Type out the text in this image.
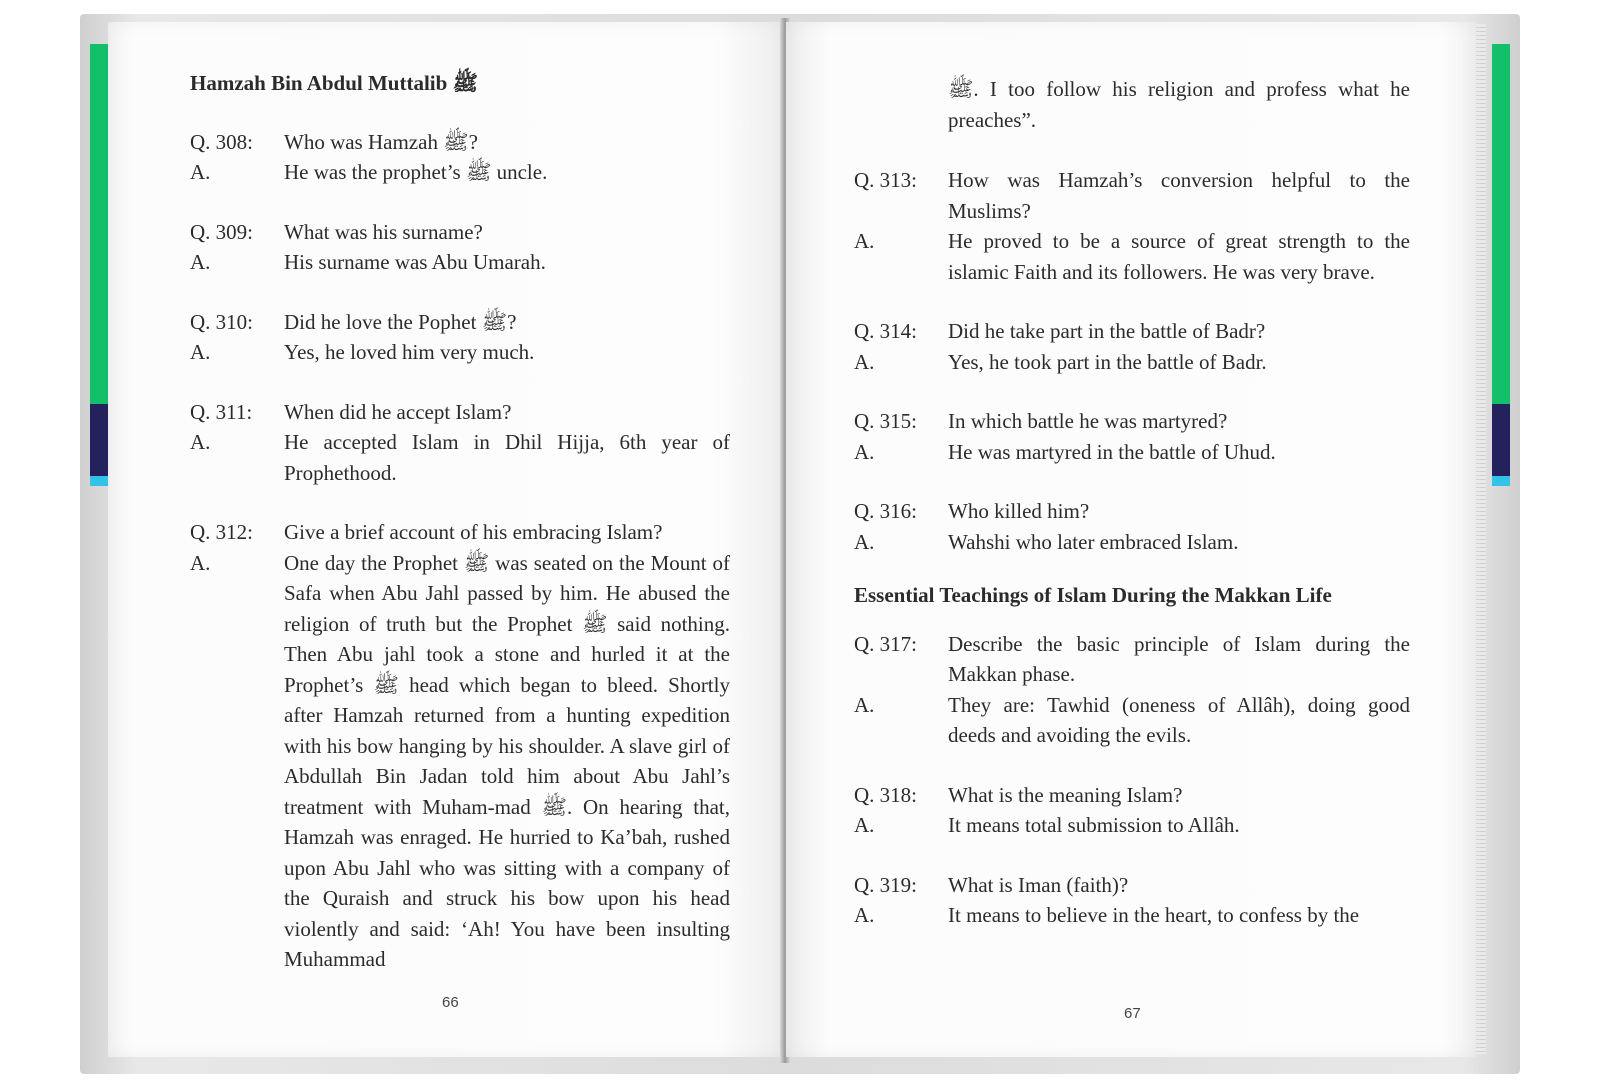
Hamzah Bin Abdul Muttalib ﷺ
Q. 308:	Who was Hamzah ﷺ?
A.	He was the prophet’s ﷺ uncle.
Q. 309:	What was his surname?
A.	His surname was Abu Umarah.
Q. 310:	Did he love the Pophet ﷺ?
A.	Yes, he loved him very much.
Q. 311:	When did he accept Islam?
A.	He accepted Islam in Dhil Hijja, 6th year of Prophethood.
Q. 312:	Give a brief account of his embracing Islam?
A.	One day the Prophet ﷺ was seated on the Mount of Safa when Abu Jahl passed by him. He abused the religion of truth but the Prophet ﷺ said nothing. Then Abu jahl took a stone and hurled it at the Prophet’s ﷺ head which began to bleed. Shortly after Hamzah returned from a hunting expedition with his bow hanging by his shoulder. A slave girl of Abdullah Bin Jadan told him about Abu Jahl’s treatment with Muham-mad ﷺ. On hearing that, Hamzah was enraged. He hurried to Ka’bah, rushed upon Abu Jahl who was sitting with a company of the Quraish and struck his bow upon his head violently and said: ‘Ah! You have been insulting Muhammad
66
ﷺ. I too follow his religion and profess what he preaches”.
Q. 313:	How was Hamzah’s conversion helpful to the Muslims?
A.	He proved to be a source of great strength to the islamic Faith and its followers. He was very brave.
Q. 314:	Did he take part in the battle of Badr?
A.	Yes, he took part in the battle of Badr.
Q. 315:	In which battle he was martyred?
A.	He was martyred in the battle of Uhud.
Q. 316:	Who killed him?
A.	Wahshi who later embraced Islam.
Essential Teachings of Islam During the Makkan Life
Q. 317:	Describe the basic principle of Islam during the Makkan phase.
A.	They are: Tawhid (oneness of Allâh), doing good deeds and avoiding the evils.
Q. 318:	What is the meaning Islam?
A.	It means total submission to Allâh.
Q. 319:	What is Iman (faith)?
A.	It means to believe in the heart, to confess by the
67
